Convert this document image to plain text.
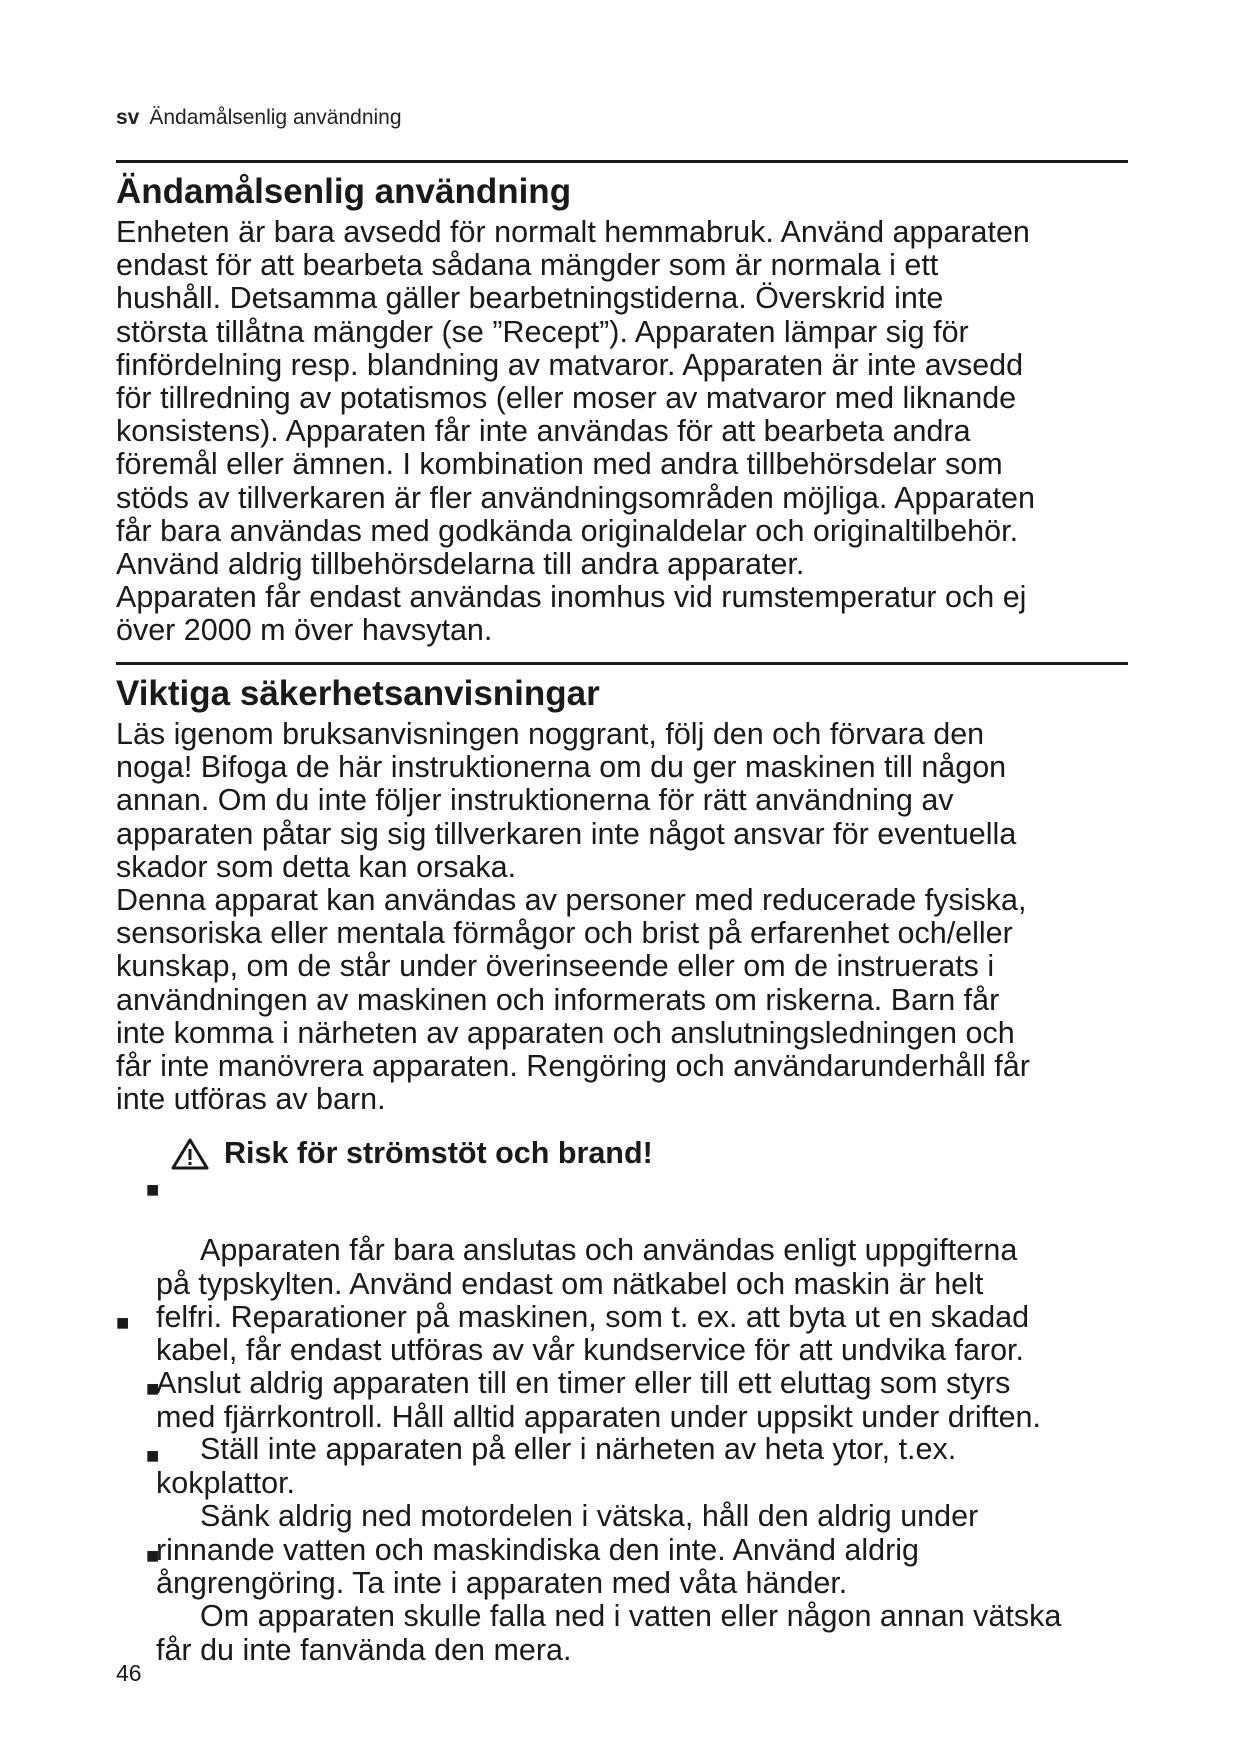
sv Ändamålsenlig användning
Ändamålsenlig användning
Enheten är bara avsedd för normalt hemmabruk. Använd apparaten
endast för att bearbeta sådana mängder som är normala i ett
hushåll. Detsamma gäller bearbetningstiderna. Överskrid inte
största tillåtna mängder (se ”Recept”). Apparaten lämpar sig för
finfördelning resp. blandning av matvaror. Apparaten är inte avsedd
för tillredning av potatismos (eller moser av matvaror med liknande
konsistens). Apparaten får inte användas för att bearbeta andra
föremål eller ämnen. I kombination med andra tillbehörsdelar som
stöds av tillverkaren är fler användningsområden möjliga. Apparaten
får bara användas med godkända originaldelar och originaltilbehör.
Använd aldrig tillbehörsdelarna till andra apparater.
Apparaten får endast användas inomhus vid rumstemperatur och ej
över 2000 m över havsytan.
Viktiga säkerhetsanvisningar
Läs igenom bruksanvisningen noggrant, följ den och förvara den
noga! Bifoga de här instruktionerna om du ger maskinen till någon
annan. Om du inte följer instruktionerna för rätt användning av
apparaten påtar sig sig tillverkaren inte något ansvar för eventuella
skador som detta kan orsaka.
Denna apparat kan användas av personer med reducerade fysiska,
sensoriska eller mentala förmågor och brist på erfarenhet och/eller
kunskap, om de står under överinseende eller om de instruerats i
användningen av maskinen och informerats om riskerna. Barn får
inte komma i närheten av apparaten och anslutningsledningen och
får inte manövrera apparaten. Rengöring och användarunderhåll får
inte utföras av barn.
Risk för strömstöt och brand!

■

Apparaten får bara anslutas och användas enligt uppgifterna
på typskylten. Använd endast om nätkabel och maskin är helt
felfri. Reparationer på maskinen, som t. ex. att byta ut en skadad
kabel, får endast utföras av vår kundservice för att undvika faror.

■

Anslut aldrig apparaten till en timer eller till ett eluttag som styrs
med fjärrkontroll. Håll alltid apparaten under uppsikt under driften.

■

Ställ inte apparaten på eller i närheten av heta ytor, t.ex.
kokplattor.

■

Sänk aldrig ned motordelen i vätska, håll den aldrig under
rinnande vatten och maskindiska den inte. Använd aldrig
ångrengöring. Ta inte i apparaten med våta händer.

■

Om apparaten skulle falla ned i vatten eller någon annan vätska
får du inte fanvända den mera.

46
